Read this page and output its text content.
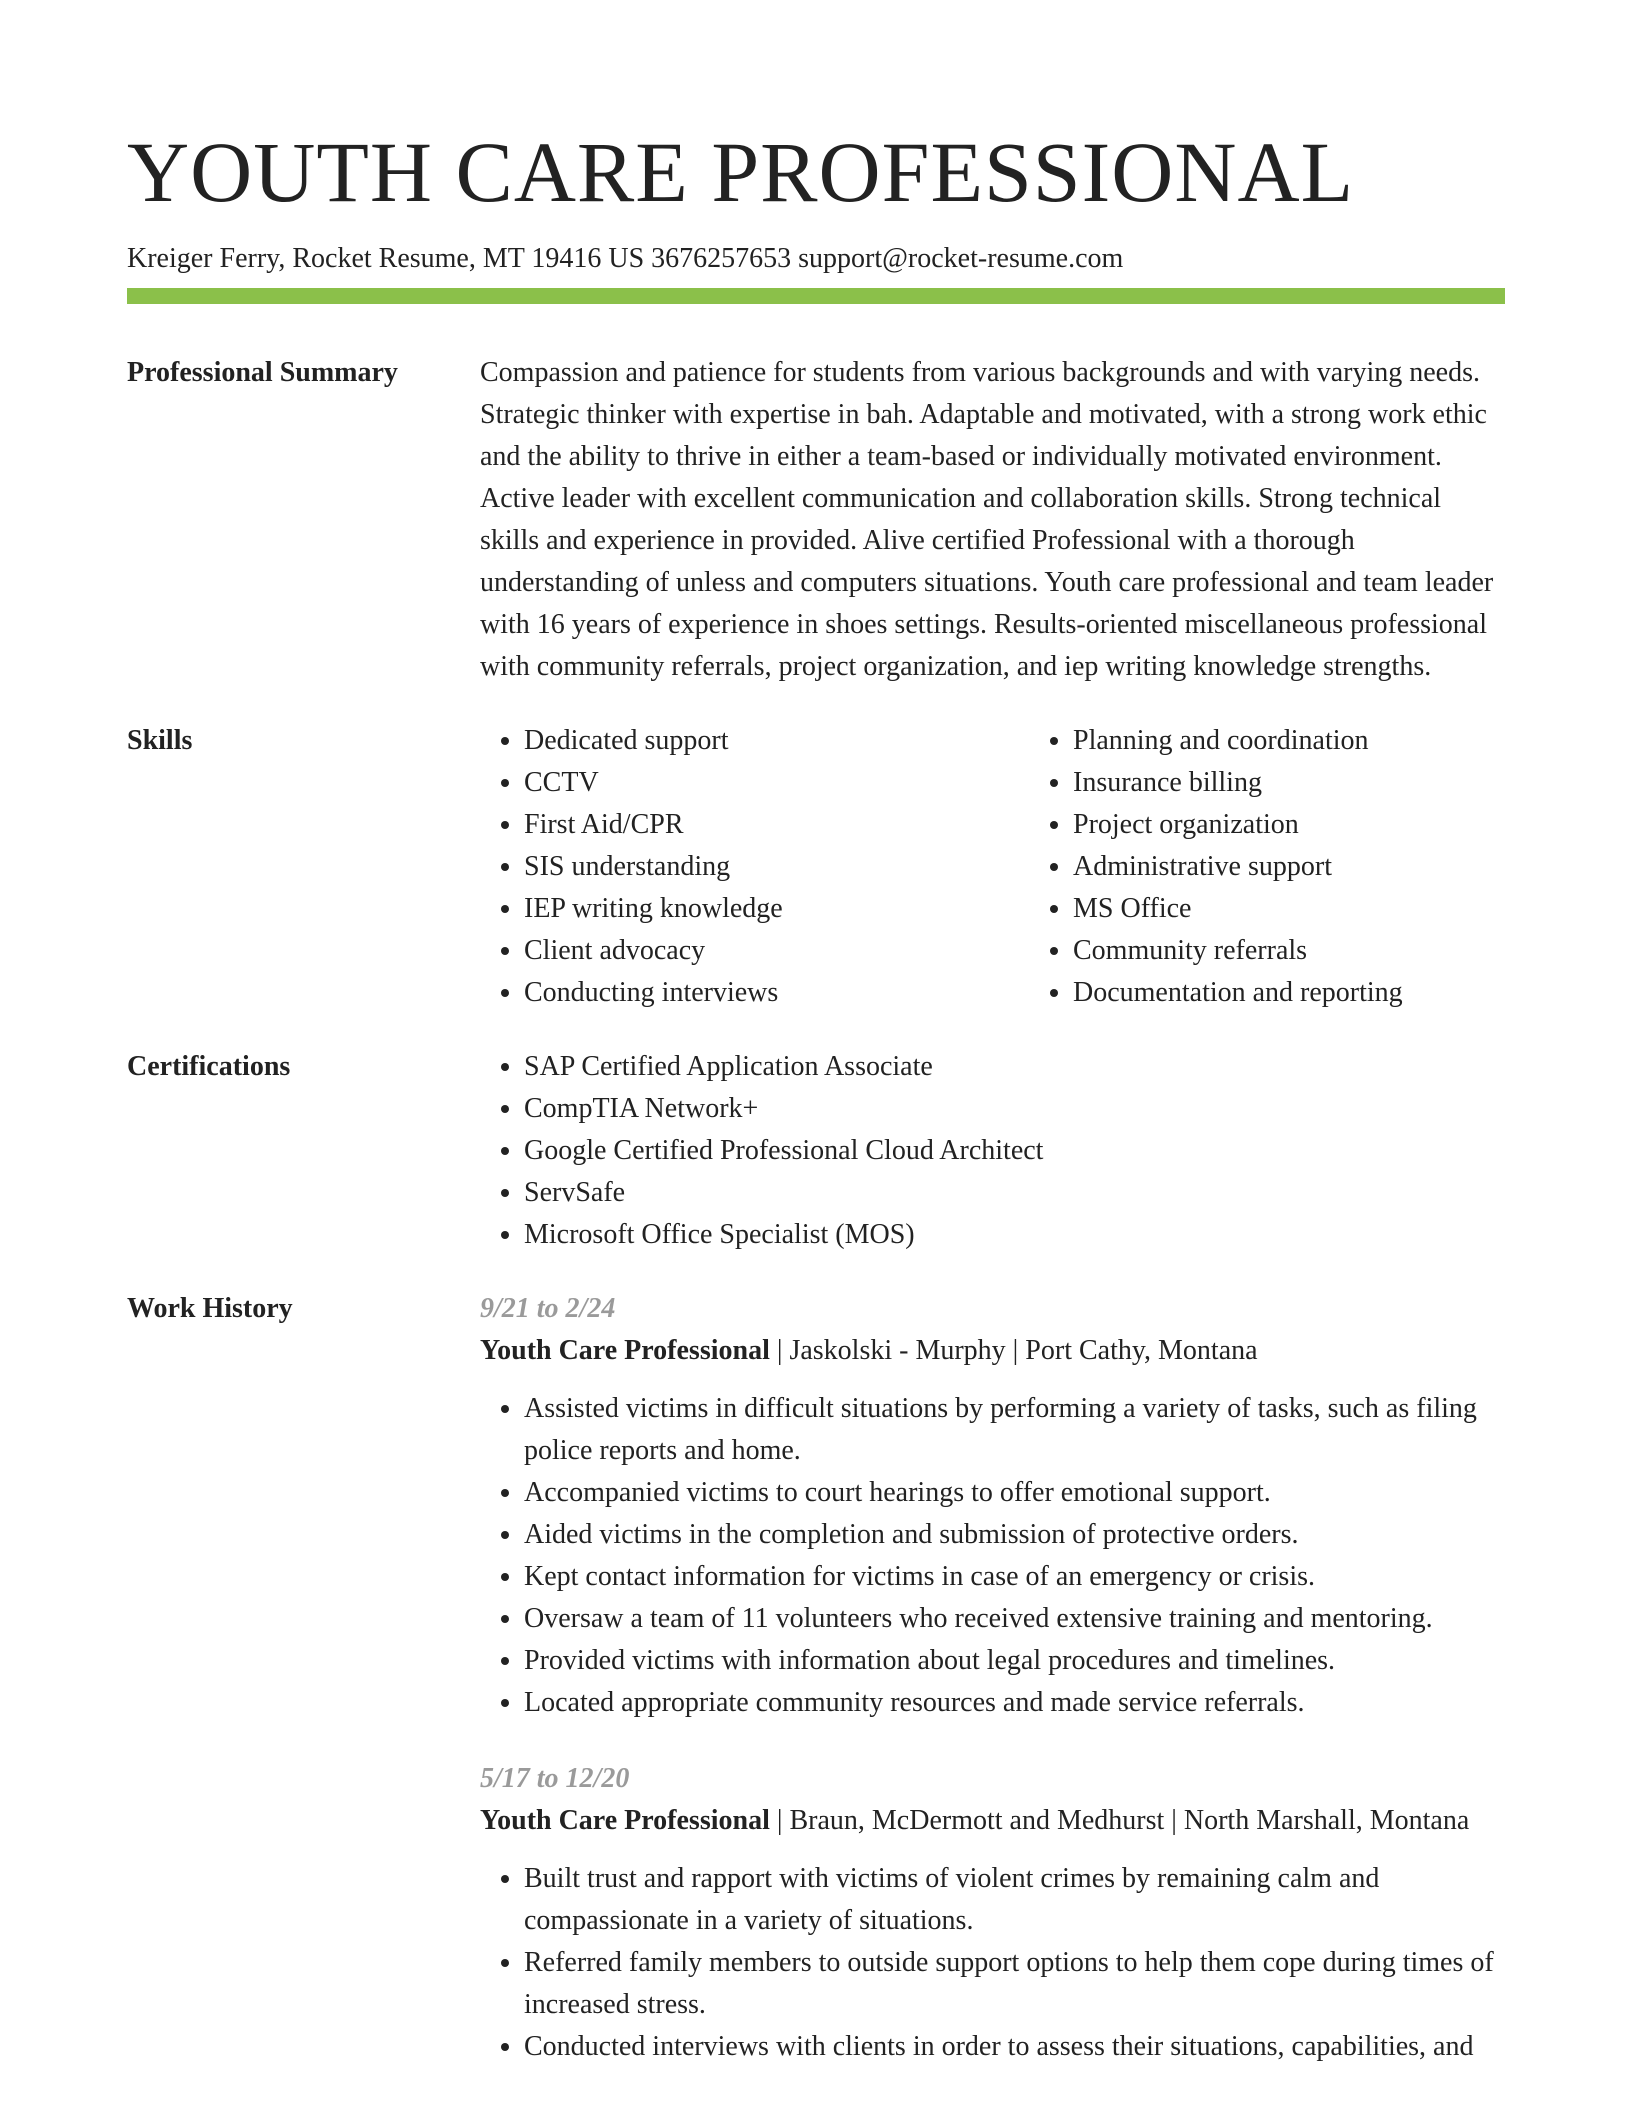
YOUTH CARE PROFESSIONAL
Kreiger Ferry, Rocket Resume, MT 19416 US 3676257653 support@rocket-resume.com
Professional Summary	Compassion and patience for students from various backgrounds and with varying needs. Strategic thinker with expertise in bah. Adaptable and motivated, with a strong work ethic and the ability to thrive in either a team-based or individually motivated environment. Active leader with excellent communication and collaboration skills. Strong technical skills and experience in provided. Alive certified Professional with a thorough understanding of unless and computers situations. Youth care professional and team leader with 16 years of experience in shoes settings. Results-oriented miscellaneous professional with community referrals, project organization, and iep writing knowledge strengths.

Skills	• Dedicated support
• CCTV
• First Aid/CPR
• SIS understanding
• IEP writing knowledge
• Client advocacy
• Conducting interviews
• Planning and coordination
• Insurance billing
• Project organization
• Administrative support
• MS Office
• Community referrals
• Documentation and reporting
Certifications	• SAP Certified Application Associate
• CompTIA Network+
• Google Certified Professional Cloud Architect
• ServSafe
• Microsoft Office Specialist (MOS)
Work History	9/21 to 2/24

Youth Care Professional | Jaskolski - Murphy | Port Cathy, Montana

• Assisted victims in difficult situations by performing a variety of tasks, such as filing police reports and home.
• Accompanied victims to court hearings to offer emotional support.
• Aided victims in the completion and submission of protective orders.
• Kept contact information for victims in case of an emergency or crisis.
• Oversaw a team of 11 volunteers who received extensive training and mentoring.
• Provided victims with information about legal procedures and timelines.
• Located appropriate community resources and made service referrals.

5/17 to 12/20

Youth Care Professional | Braun, McDermott and Medhurst | North Marshall, Montana

• Built trust and rapport with victims of violent crimes by remaining calm and compassionate in a variety of situations.
• Referred family members to outside support options to help them cope during times of increased stress.
• Conducted interviews with clients in order to assess their situations, capabilities, and
